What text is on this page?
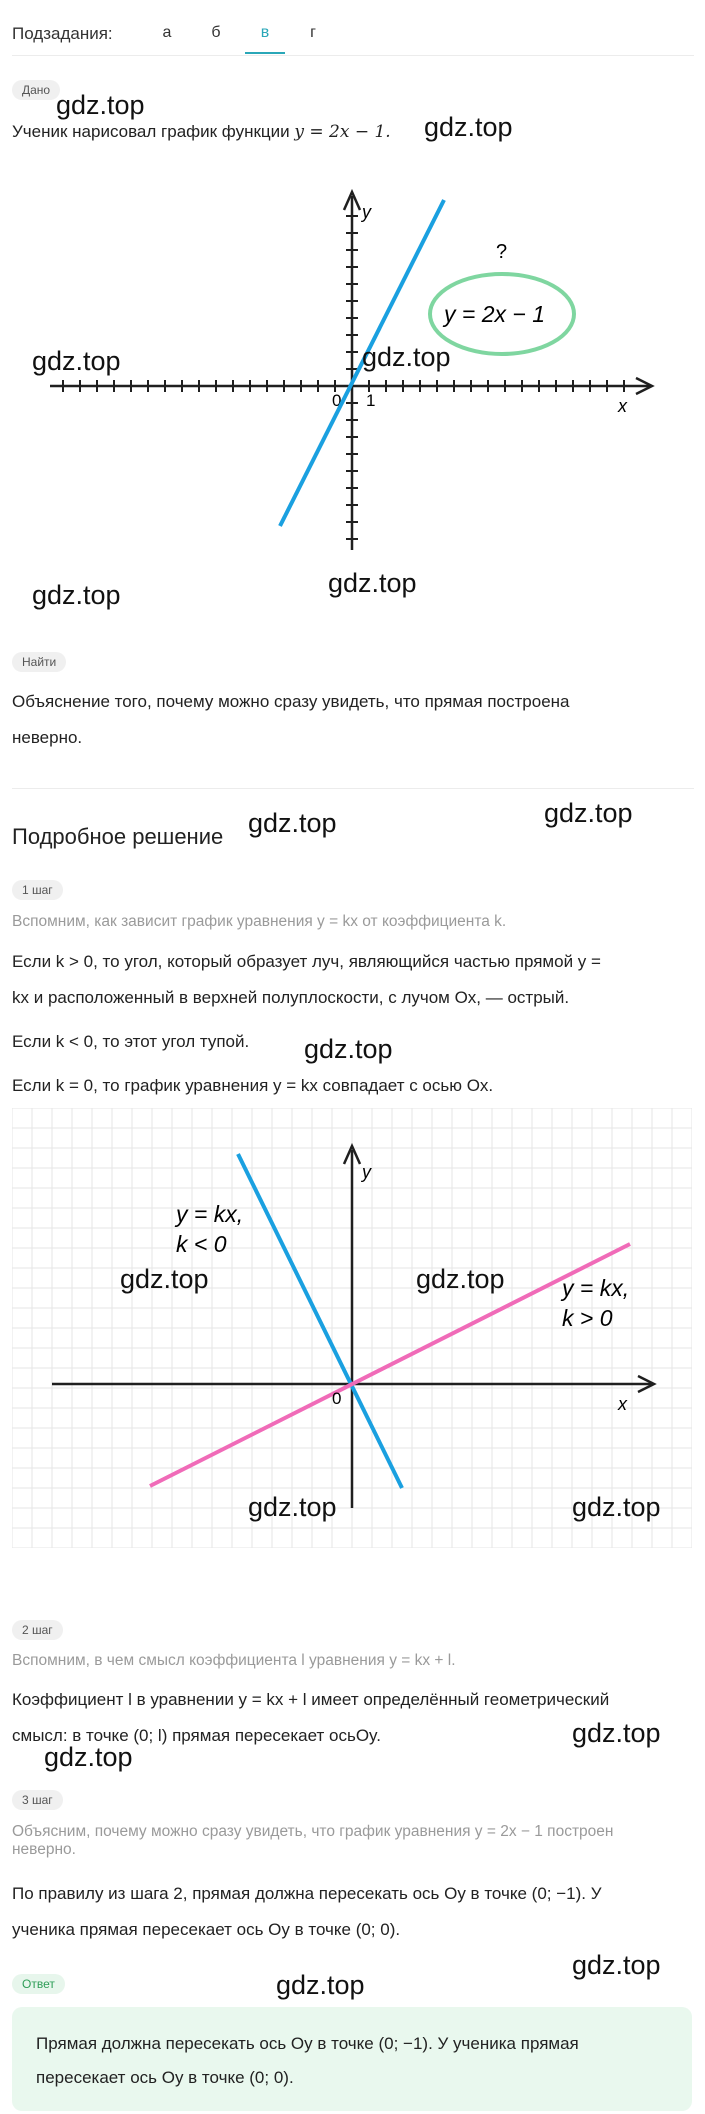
Подзадания:	а	б	в	г
Дано
Ученик нарисовал график функции y = 2x − 1.
y
x
0 1
?
y = 2x − 1
Найти
Объяснение того, почему можно сразу увидеть, что прямая построена
неверно.
Подробное решение
1 шаг
Вспомним, как зависит график уравнения y = kx от коэффициента k.
Если k > 0, то угол, который образует луч, являющийся частью прямой y =
kx и расположенный в верхней полуплоскости, с лучом Ox, — острый.
Если k < 0, то этот угол тупой.
Если k = 0, то график уравнения y = kx совпадает с осью Ox.
y
x
0
y = kx,
k < 0
y = kx,
k > 0
2 шаг
Вспомним, в чем смысл коэффициента l уравнения y = kx + l.
Коэффициент l в уравнении y = kx + l имеет определённый геометрический
смысл: в точке (0; l) прямая пересекает осьOy.
3 шаг
Объясним, почему можно сразу увидеть, что график уравнения y = 2x − 1 построен
неверно.
По правилу из шага 2, прямая должна пересекать ось Oy в точке (0; −1). У
ученика прямая пересекает ось Oy в точке (0; 0).
Ответ
Прямая должна пересекать ось Oy в точке (0; −1). У ученика прямая
пересекает ось Oy в точке (0; 0).
gdz.top
gdz.top
gdz.top	gdz.top
gdz.top	gdz.top
gdz.top	gdz.top
gdz.top
gdz.top	gdz.top
gdz.top	gdz.top
gdz.top
gdz.top
gdz.top
gdz.top
